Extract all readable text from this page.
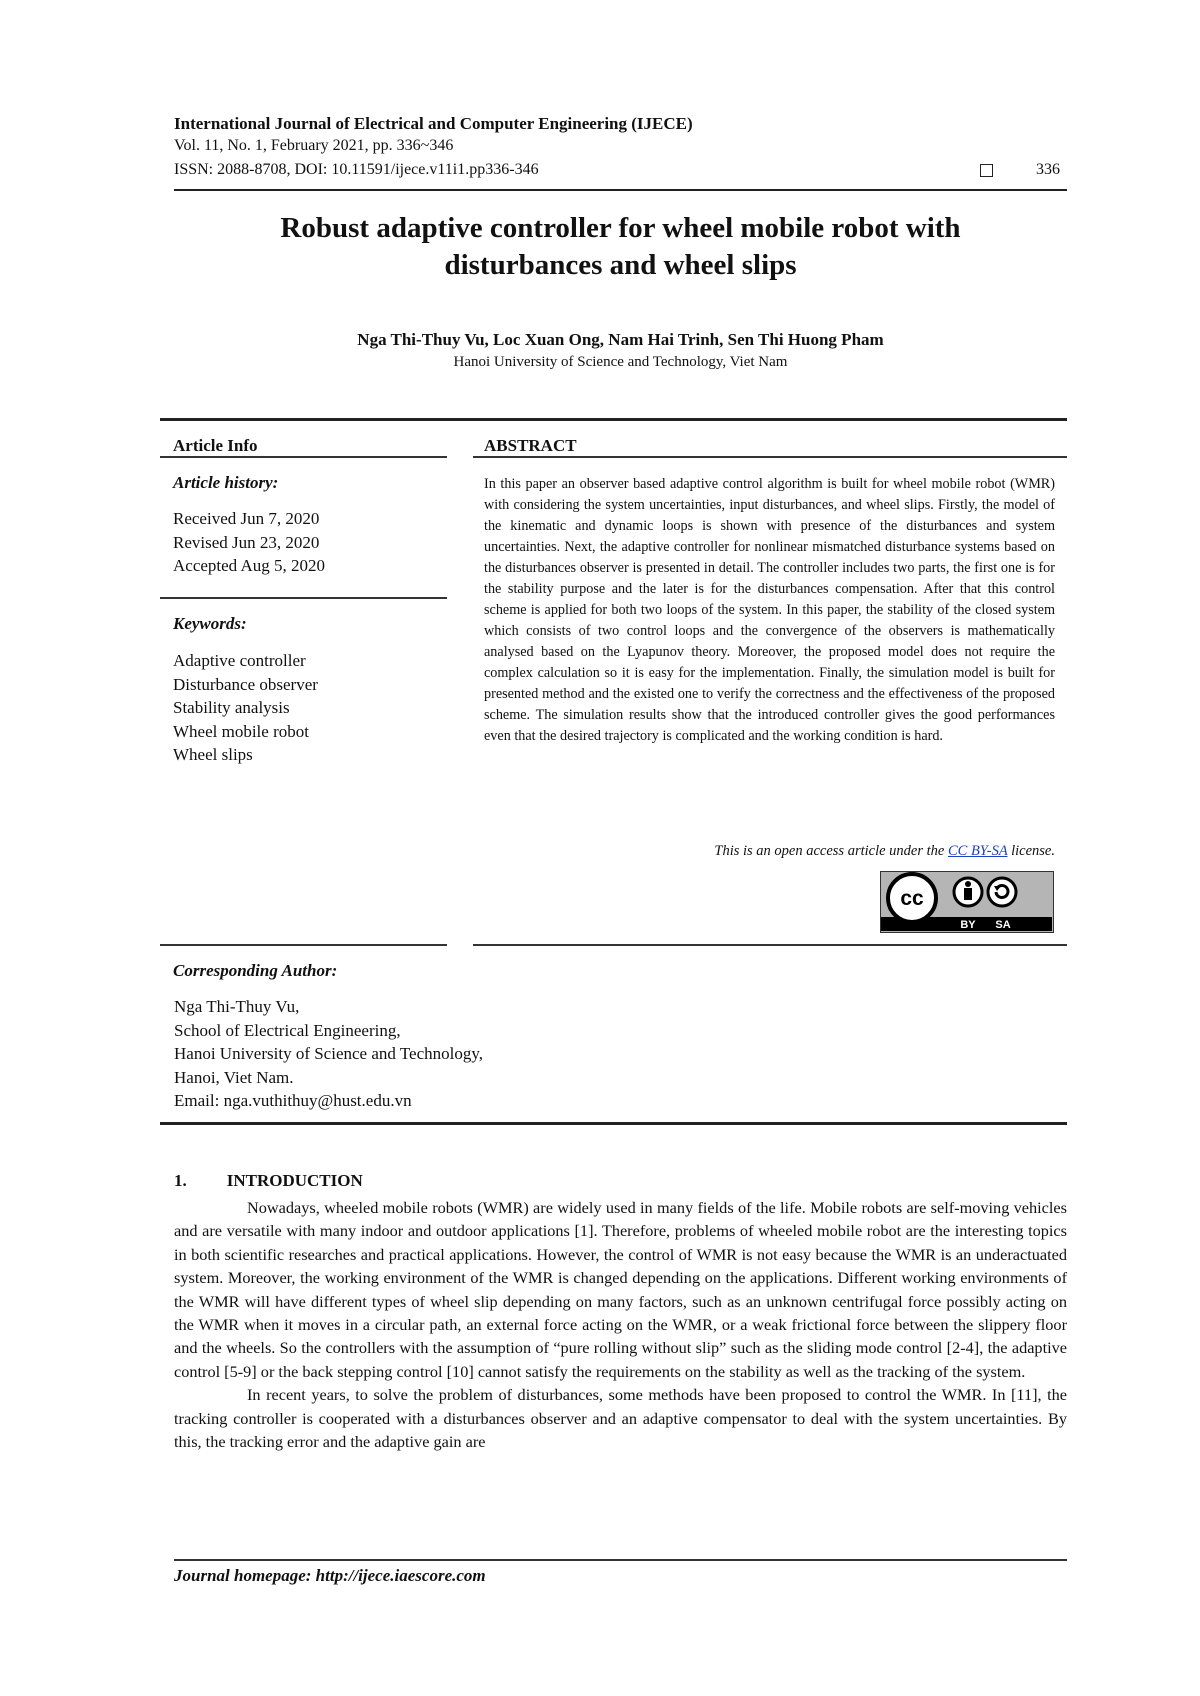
International Journal of Electrical and Computer Engineering (IJECE)
Vol. 11, No. 1, February 2021, pp. 336~346
ISSN: 2088-8708, DOI: 10.11591/ijece.v11i1.pp336-346	336
Robust adaptive controller for wheel mobile robot with
disturbances and wheel slips
Nga Thi-Thuy Vu, Loc Xuan Ong, Nam Hai Trinh, Sen Thi Huong Pham
Hanoi University of Science and Technology, Viet Nam
Article Info
Article history:
Received Jun 7, 2020
Revised Jun 23, 2020
Accepted Aug 5, 2020
Keywords:
Adaptive controller
Disturbance observer
Stability analysis
Wheel mobile robot
Wheel slips
ABSTRACT
In this paper an observer based adaptive control algorithm is built for wheel mobile robot (WMR) with considering the system uncertainties, input disturbances, and wheel slips. Firstly, the model of the kinematic and dynamic loops is shown with presence of the disturbances and system uncertainties. Next, the adaptive controller for nonlinear mismatched disturbance systems based on the disturbances observer is presented in detail. The controller includes two parts, the first one is for the stability purpose and the later is for the disturbances compensation. After that this control scheme is applied for both two loops of the system. In this paper, the stability of the closed system which consists of two control loops and the convergence of the observers is mathematically analysed based on the Lyapunov theory. Moreover, the proposed model does not require the complex calculation so it is easy for the implementation. Finally, the simulation model is built for presented method and the existed one to verify the correctness and the effectiveness of the proposed scheme. The simulation results show that the introduced controller gives the good performances even that the desired trajectory is complicated and the working condition is hard.
This is an open access article under the CC BY-SA license.
cc
BY SA
Corresponding Author:
Nga Thi-Thuy Vu,
School of Electrical Engineering,
Hanoi University of Science and Technology,
Hanoi, Viet Nam.
Email: nga.vuthithuy@hust.edu.vn
1. INTRODUCTION

Nowadays, wheeled mobile robots (WMR) are widely used in many fields of the life. Mobile robots are self-moving vehicles and are versatile with many indoor and outdoor applications [1]. Therefore, problems of wheeled mobile robot are the interesting topics in both scientific researches and practical applications. However, the control of WMR is not easy because the WMR is an underactuated system. Moreover, the working environment of the WMR is changed depending on the applications. Different working environments of the WMR will have different types of wheel slip depending on many factors, such as an unknown centrifugal force possibly acting on the WMR when it moves in a circular path, an external force acting on the WMR, or a weak frictional force between the slippery floor and the wheels. So the controllers with the assumption of “pure rolling without slip” such as the sliding mode control [2-4], the adaptive control [5-9] or the back stepping control [10] cannot satisfy the requirements on the stability as well as the tracking of the system.

In recent years, to solve the problem of disturbances, some methods have been proposed to control the WMR. In [11], the tracking controller is cooperated with a disturbances observer and an adaptive compensator to deal with the system uncertainties. By this, the tracking error and the adaptive gain are

Journal homepage: http://ijece.iaescore.com
